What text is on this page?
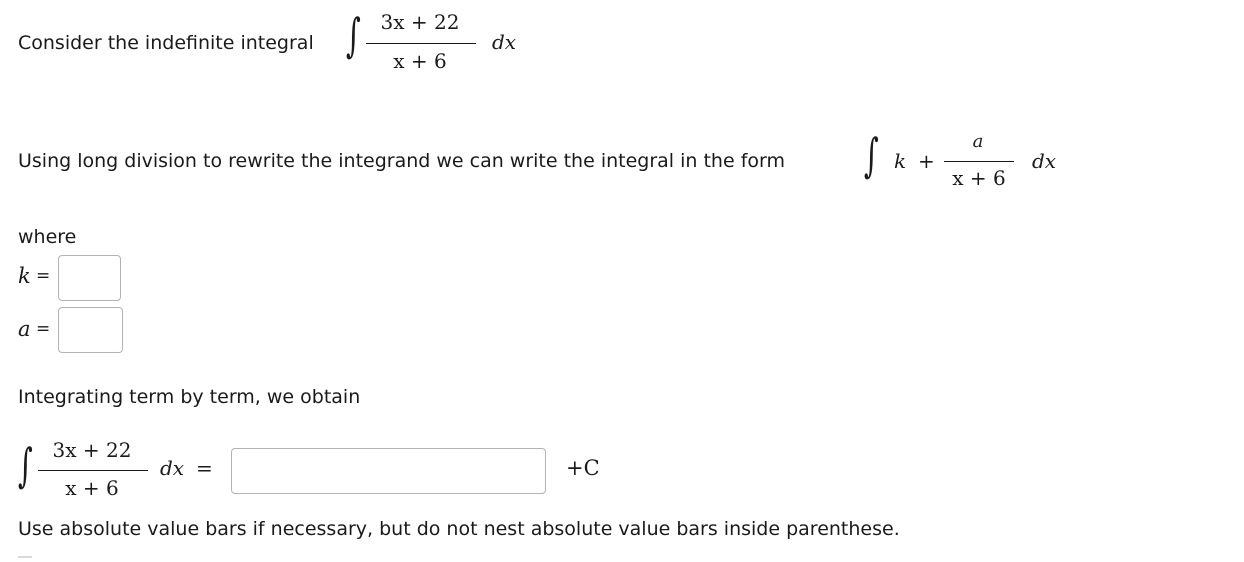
Consider the indefinite integral ∫ 3x + 22
x + 6
dx
Using long division to rewrite the integrand we can write the integral in the form ∫ k +
a
x + 6
dx
where
k =
a =
Integrating term by term, we obtain
∫ 3x + 22
x + 6
dx =	+C
Use absolute value bars if necessary, but do not nest absolute value bars inside parenthese.
